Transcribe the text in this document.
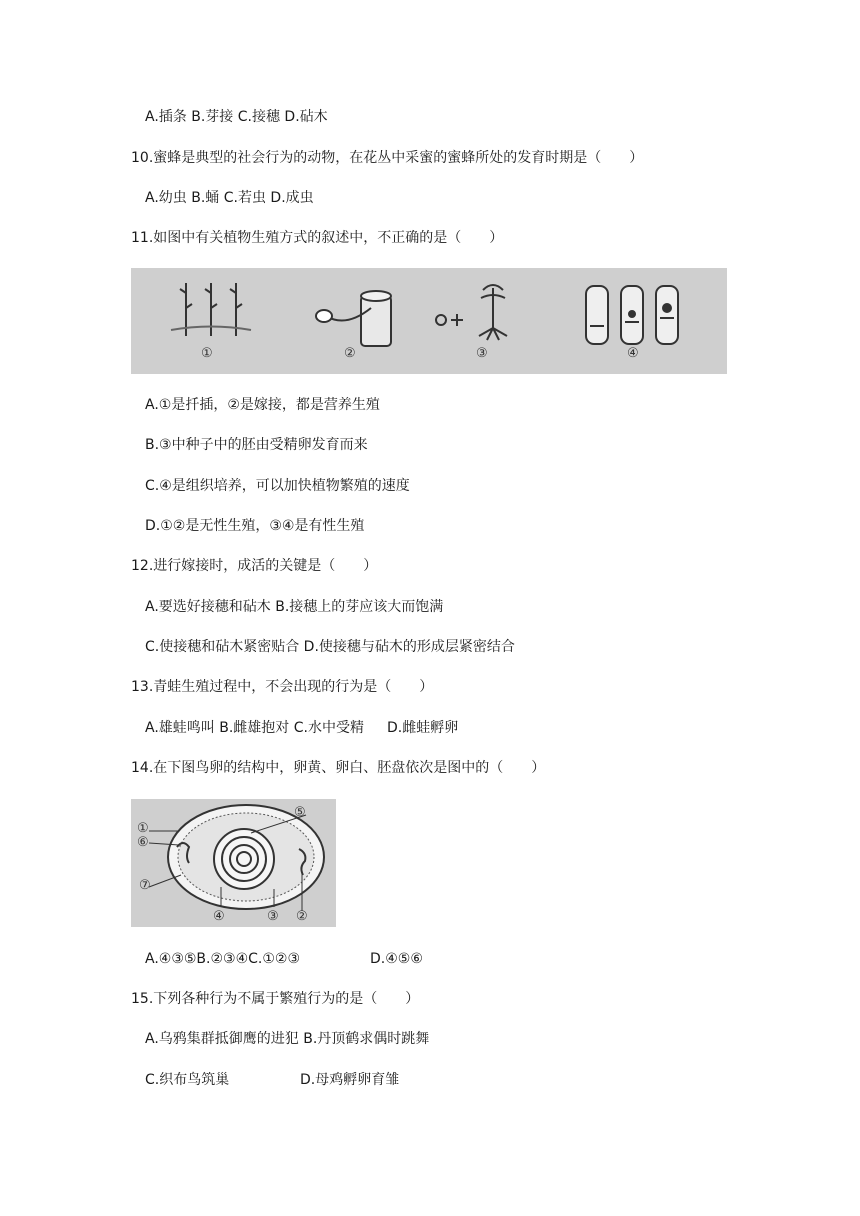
A.插条 B.芽接 C.接穗 D.砧木
10.蜜蜂是典型的社会行为的动物，在花丛中采蜜的蜜蜂所处的发育时期是（　　）
A.幼虫 B.蛹 C.若虫 D.成虫
11.如图中有关植物生殖方式的叙述中，不正确的是（　　）
①	②	③	④
A.①是扦插，②是嫁接，都是营养生殖
B.③中种子中的胚由受精卵发育而来
C.④是组织培养，可以加快植物繁殖的速度
D.①②是无性生殖，③④是有性生殖
12.进行嫁接时，成活的关键是（　　）
A.要选好接穗和砧木 B.接穗上的芽应该大而饱满
C.使接穗和砧木紧密贴合 D.使接穗与砧木的形成层紧密结合
13.青蛙生殖过程中，不会出现的行为是（　　）
A.雄蛙鸣叫 B.雌雄抱对 C.水中受精 D.雌蛙孵卵
14.在下图鸟卵的结构中，卵黄、卵白、胚盘依次是图中的（　　）
①
⑥
⑦
⑤
④	③ ②
A.④③⑤B.②③④C.①②③	D.④⑤⑥
15.下列各种行为不属于繁殖行为的是（　　）
A.乌鸦集群抵御鹰的进犯 B.丹顶鹤求偶时跳舞
C.织布鸟筑巢	D.母鸡孵卵育雏
